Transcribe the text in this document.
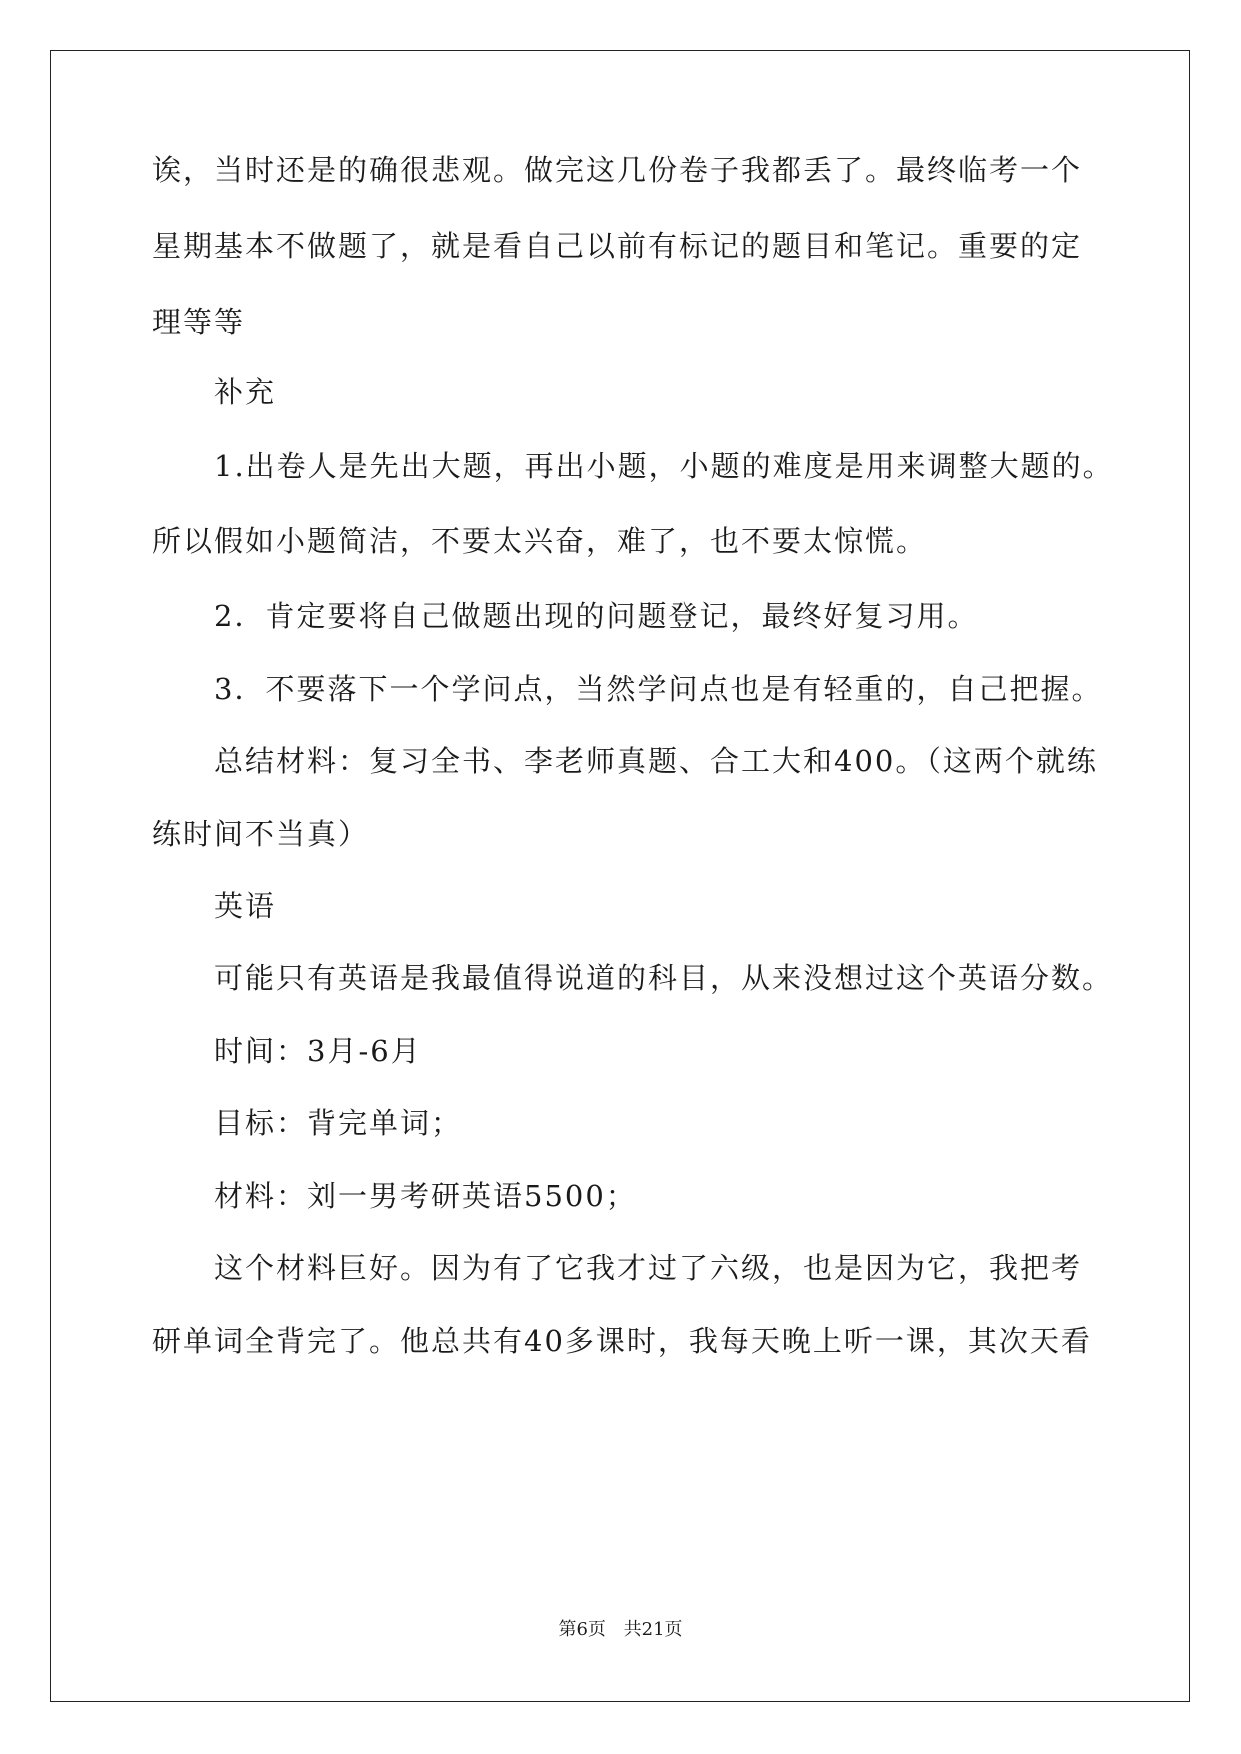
诶，当时还是的确很悲观。做完这几份卷子我都丢了。最终临考一个
星期基本不做题了，就是看自己以前有标记的题目和笔记。重要的定
理等等
补充
1.出卷人是先出大题，再出小题，小题的难度是用来调整大题的。
所以假如小题简洁，不要太兴奋，难了，也不要太惊慌。
2．肯定要将自己做题出现的问题登记，最终好复习用。
3．不要落下一个学问点，当然学问点也是有轻重的，自己把握。
总结材料：复习全书、李老师真题、合工大和400。（这两个就练
练时间不当真）
英语
可能只有英语是我最值得说道的科目，从来没想过这个英语分数。
时间：3月-6月
目标：背完单词；
材料：刘一男考研英语5500；
这个材料巨好。因为有了它我才过了六级，也是因为它，我把考
研单词全背完了。他总共有40多课时，我每天晚上听一课，其次天看
第6页 共21页
